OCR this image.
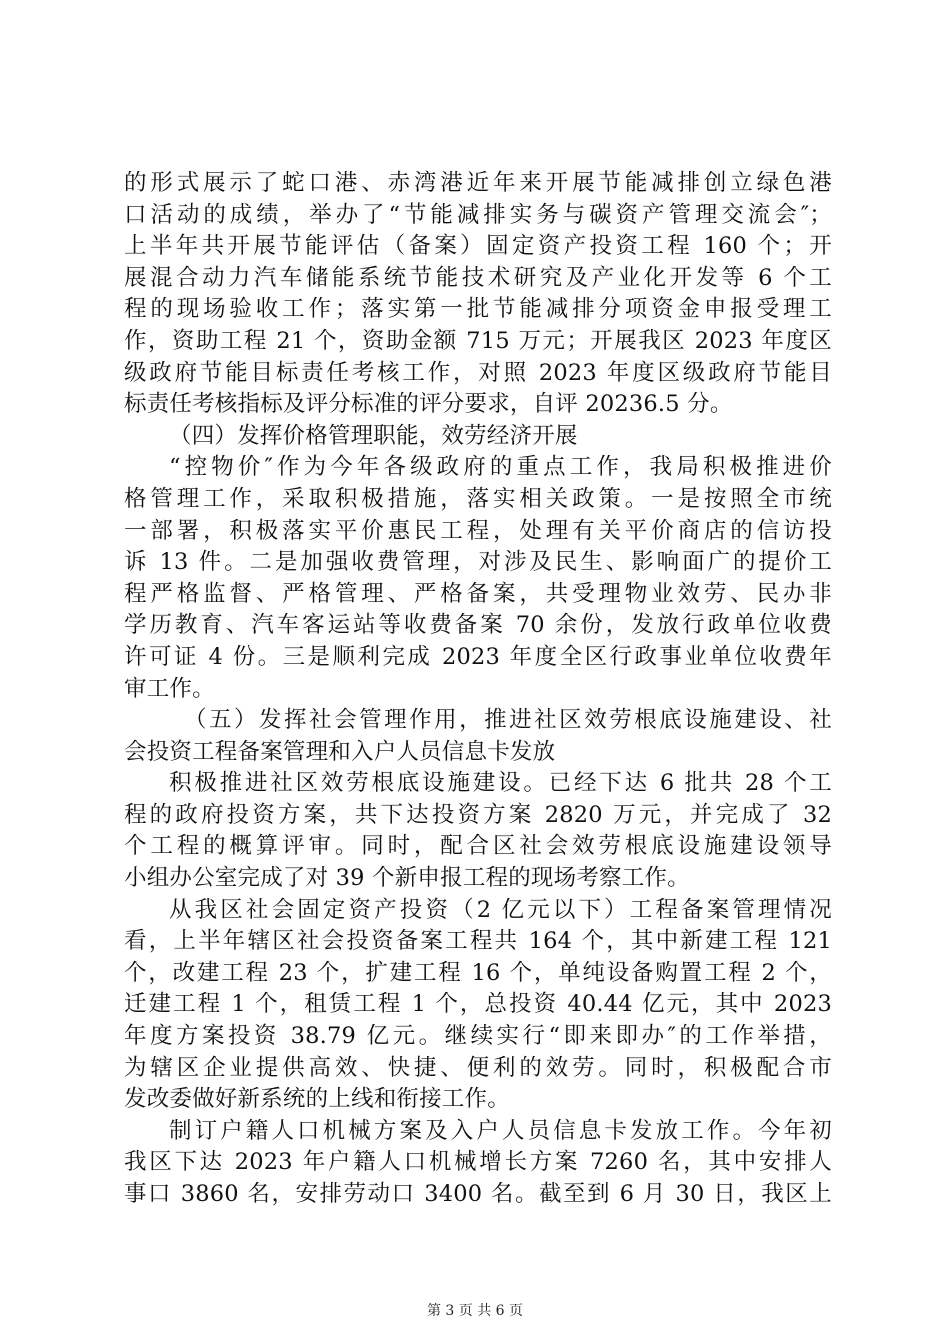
的形式展示了蛇口港、赤湾港近年来开展节能减排创立绿色港
口活动的成绩，举办了“节能减排实务与碳资产管理交流会″；
上半年共开展节能评估（备案）固定资产投资工程 160 个；开
展混合动力汽车储能系统节能技术研究及产业化开发等 6 个工
程的现场验收工作；落实第一批节能减排分项资金申报受理工
作，资助工程 21 个，资助金额 715 万元；开展我区 2023 年度区
级政府节能目标责任考核工作，对照 2023 年度区级政府节能目
标责任考核指标及评分标准的评分要求，自评 20236.5 分。
（四）发挥价格管理职能，效劳经济开展
“控物价″作为今年各级政府的重点工作，我局积极推进价
格管理工作，采取积极措施，落实相关政策。一是按照全市统
一部署，积极落实平价惠民工程，处理有关平价商店的信访投
诉 13 件。二是加强收费管理，对涉及民生、影响面广的提价工
程严格监督、严格管理、严格备案，共受理物业效劳、民办非
学历教育、汽车客运站等收费备案 70 余份，发放行政单位收费
许可证 4 份。三是顺利完成 2023 年度全区行政事业单位收费年
审工作。
（五）发挥社会管理作用，推进社区效劳根底设施建设、社
会投资工程备案管理和入户人员信息卡发放
积极推进社区效劳根底设施建设。已经下达 6 批共 28 个工
程的政府投资方案，共下达投资方案 2820 万元，并完成了 32
个工程的概算评审。同时，配合区社会效劳根底设施建设领导
小组办公室完成了对 39 个新申报工程的现场考察工作。
从我区社会固定资产投资（2 亿元以下）工程备案管理情况
看，上半年辖区社会投资备案工程共 164 个，其中新建工程 121
个，改建工程 23 个，扩建工程 16 个，单纯设备购置工程 2 个，
迁建工程 1 个，租赁工程 1 个，总投资 40.44 亿元，其中 2023
年度方案投资 38.79 亿元。继续实行“即来即办″的工作举措，
为辖区企业提供高效、快捷、便利的效劳。同时，积极配合市
发改委做好新系统的上线和衔接工作。
制订户籍人口机械方案及入户人员信息卡发放工作。今年初
我区下达 2023 年户籍人口机械增长方案 7260 名，其中安排人
事口 3860 名，安排劳动口 3400 名。截至到 6 月 30 日，我区上
第 3 页 共 6 页
